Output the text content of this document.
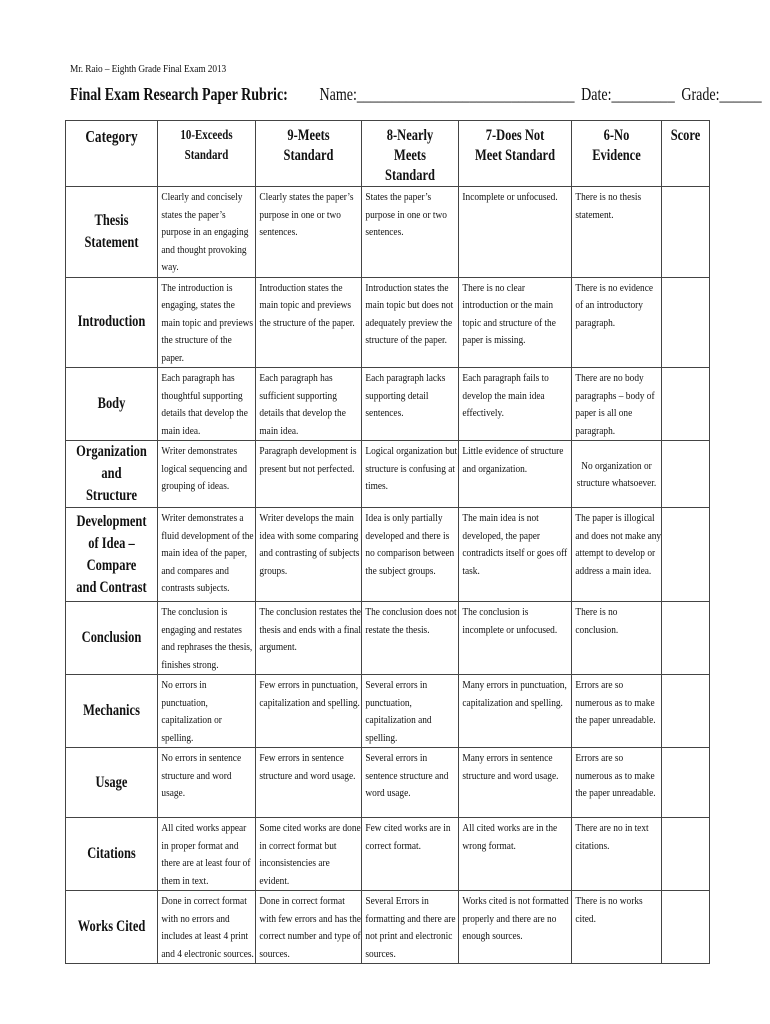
Mr. Raio – Eighth Grade Final Exam 2013
Final Exam Research Paper Rubric: Name:_______________________________ Date:_________ Grade:______
Category	10-Exceeds Standard	9-Meets Standard	8-Nearly Meets Standard	7-Does Not Meet Standard	6-No Evidence	Score

Thesis Statement	Clearly and concisely states the paper’s purpose in an engaging and thought provoking way.	Clearly states the paper’s purpose in one or two sentences.	States the paper’s purpose in one or two sentences.	Incomplete or unfocused.	There is no thesis statement.	

Introduction	The introduction is engaging, states the main topic and previews the structure of the paper.	Introduction states the main topic and previews the structure of the paper.	Introduction states the main topic but does not adequately preview the structure of the paper.	There is no clear introduction or the main topic and structure of the paper is missing.	There is no evidence of an introductory paragraph.	

Body	Each paragraph has thoughtful supporting details that develop the main idea.	Each paragraph has sufficient supporting details that develop the main idea.	Each paragraph lacks supporting detail sentences.	Each paragraph fails to develop the main idea effectively.	There are no body paragraphs – body of paper is all one paragraph.	

Organization and Structure	Writer demonstrates logical sequencing and grouping of ideas.	Paragraph development is present but not perfected.	Logical organization but structure is confusing at times.	Little evidence of structure and organization.	No organization or structure whatsoever.	

Development of Idea – Compare and Contrast	Writer demonstrates a fluid development of the main idea of the paper, and compares and contrasts subjects.	Writer develops the main idea with some comparing and contrasting of subjects groups.	Idea is only partially developed and there is no comparison between the subject groups.	The main idea is not developed, the paper contradicts itself or goes off task.	The paper is illogical and does not make any attempt to develop or address a main idea.	

Conclusion	The conclusion is engaging and restates and rephrases the thesis, finishes strong.	The conclusion restates the thesis and ends with a final argument.	The conclusion does not restate the thesis.	The conclusion is incomplete or unfocused.	There is no conclusion.	

Mechanics	No errors in punctuation, capitalization or spelling.	Few errors in punctuation, capitalization and spelling.	Several errors in punctuation, capitalization and spelling.	Many errors in punctuation, capitalization and spelling.	Errors are so numerous as to make the paper unreadable.	

Usage	No errors in sentence structure and word usage.	Few errors in sentence structure and word usage.	Several errors in sentence structure and word usage.	Many errors in sentence structure and word usage.	Errors are so numerous as to make the paper unreadable.	

Citations	All cited works appear in proper format and there are at least four of them in text.	Some cited works are done in correct format but inconsistencies are evident.	Few cited works are in correct format.	All cited works are in the wrong format.	There are no in text citations.	

Works Cited	Done in correct format with no errors and includes at least 4 print and 4 electronic sources.	Done in correct format with few errors and has the correct number and type of sources.	Several Errors in formatting and there are not print and electronic sources.	Works cited is not formatted properly and there are no enough sources.	There is no works cited.	
